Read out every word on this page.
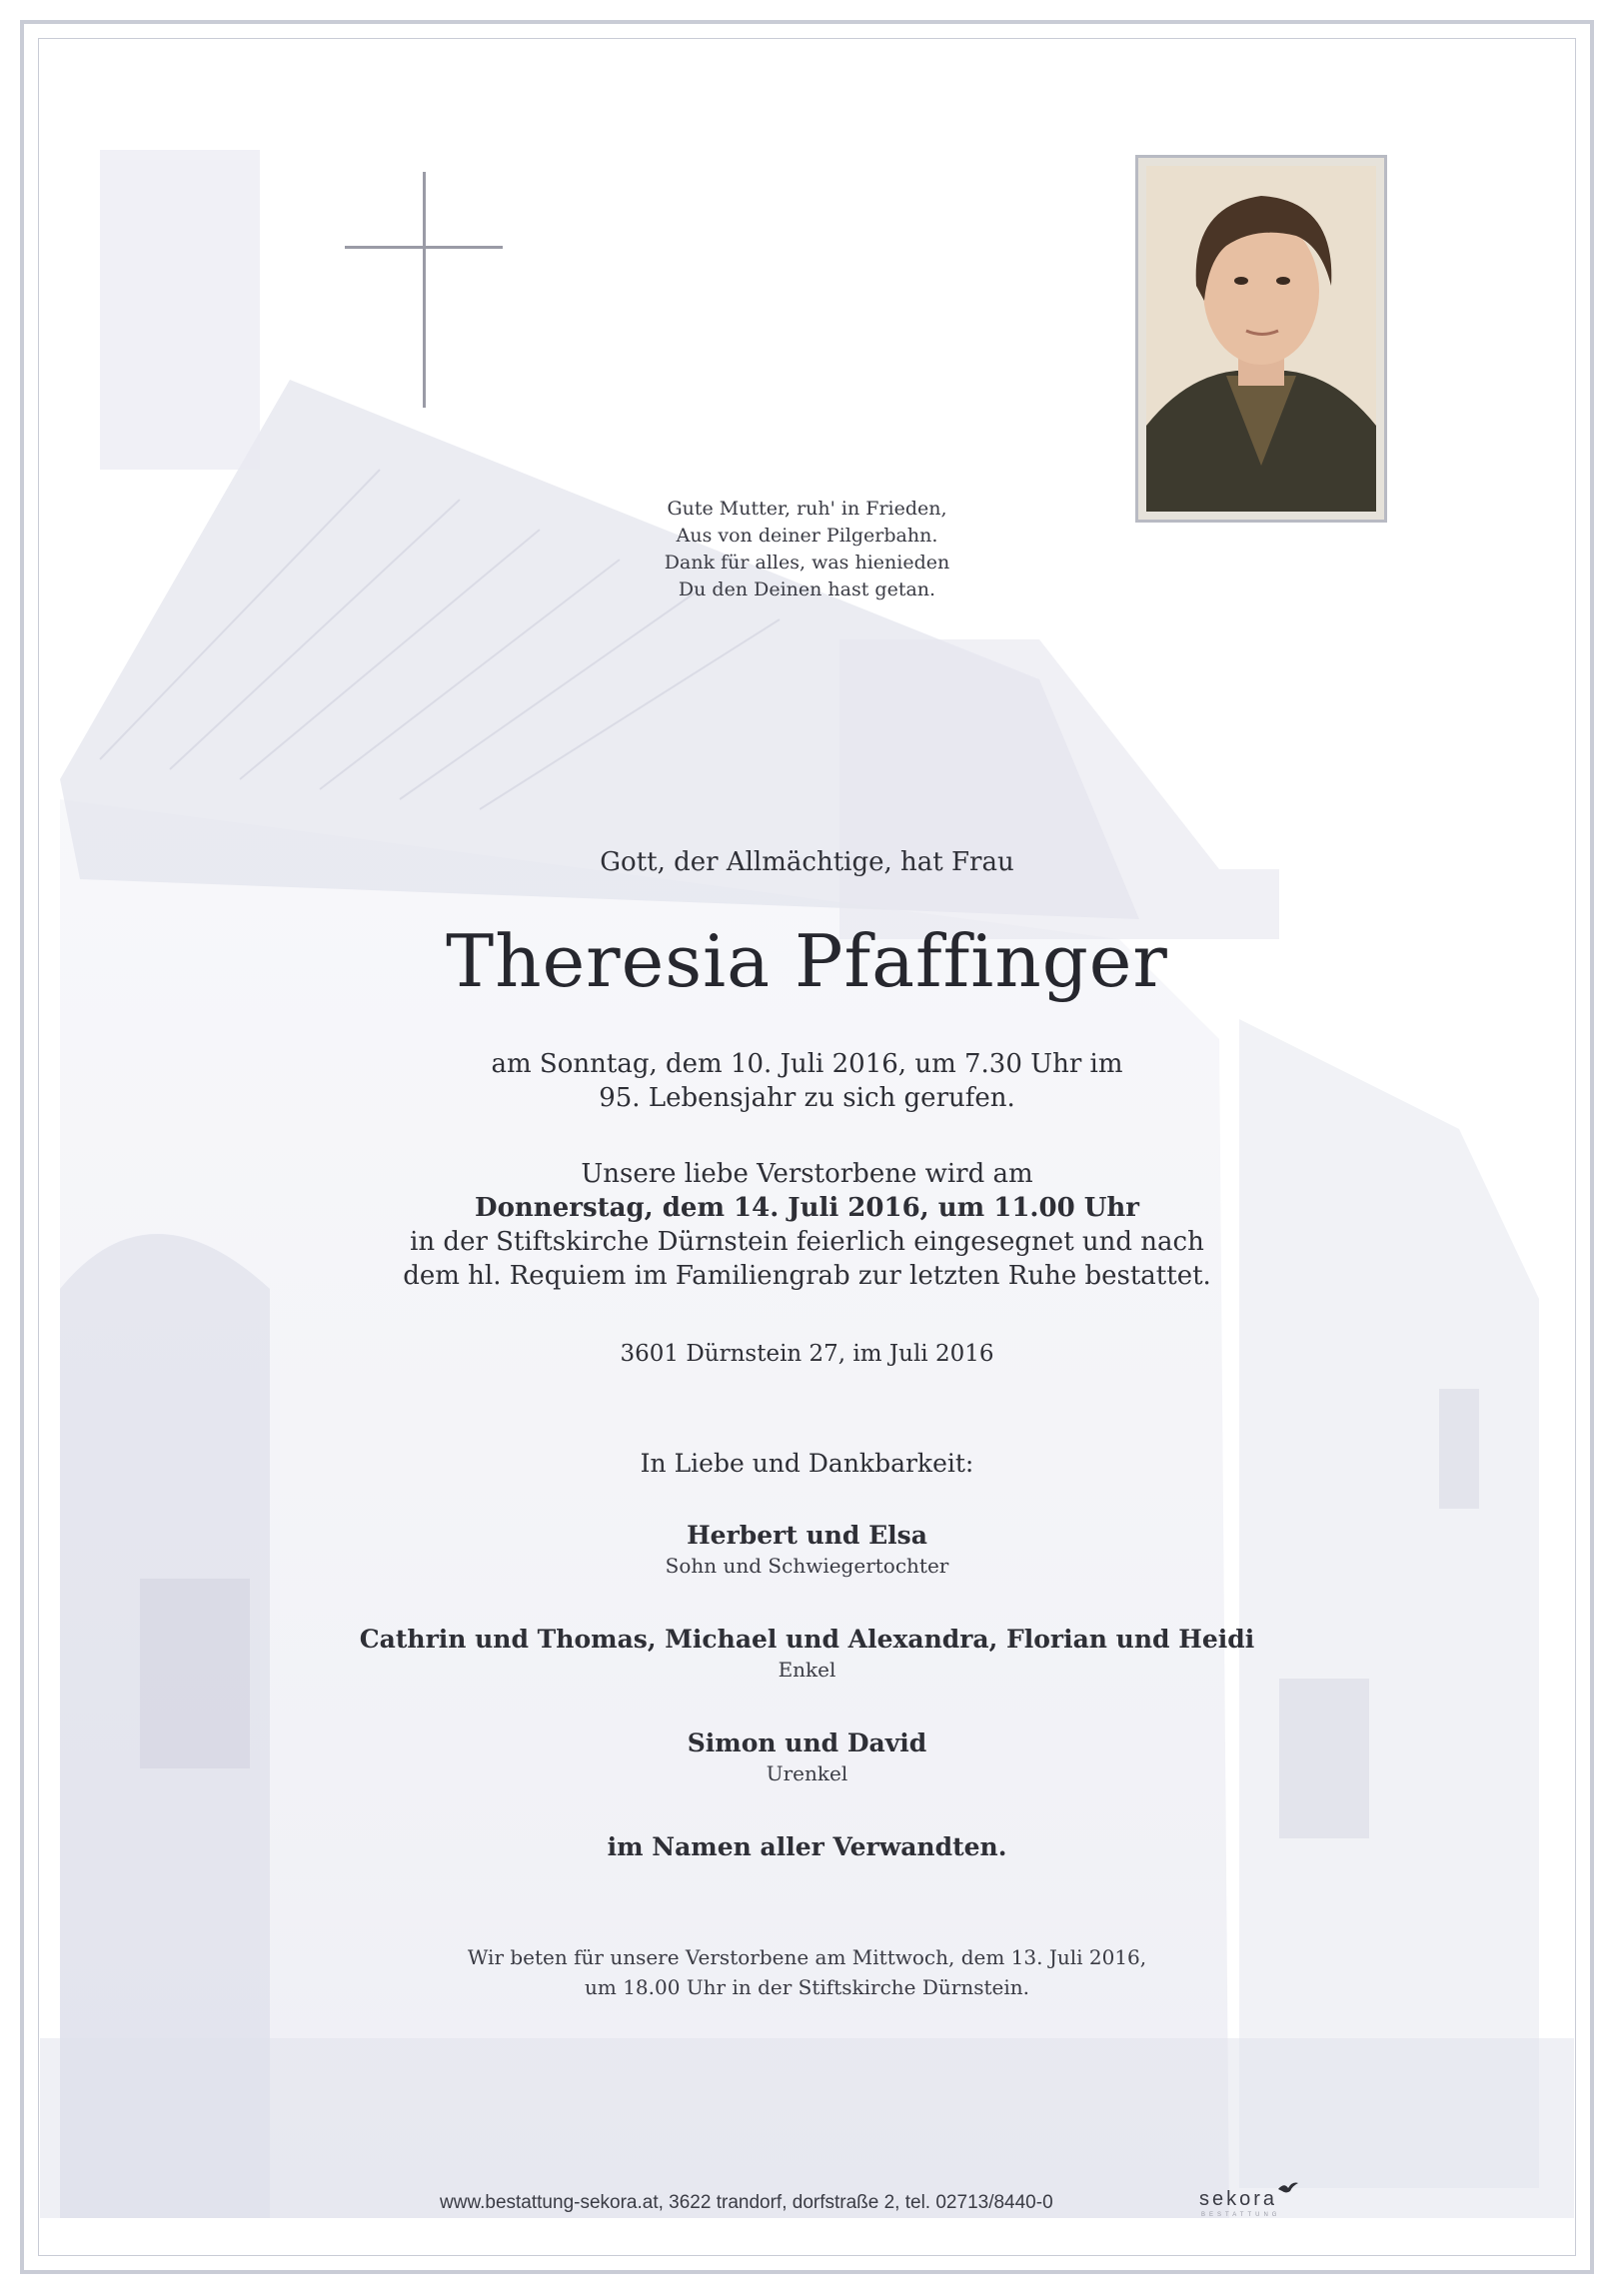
Gute Mutter, ruh' in Frieden,
Aus von deiner Pilgerbahn.
Dank für alles, was hienieden
Du den Deinen hast getan.
Gott, der Allmächtige, hat Frau
Theresia Pfaffinger
am Sonntag, dem 10. Juli 2016, um 7.30 Uhr im
95. Lebensjahr zu sich gerufen.
Unsere liebe Verstorbene wird am
Donnerstag, dem 14. Juli 2016, um 11.00 Uhr
in der Stiftskirche Dürnstein feierlich eingesegnet und nach
dem hl. Requiem im Familiengrab zur letzten Ruhe bestattet.
3601 Dürnstein 27, im Juli 2016
In Liebe und Dankbarkeit:
Herbert und Elsa
Sohn und Schwiegertochter
Cathrin und Thomas, Michael und Alexandra, Florian und Heidi
Enkel
Simon und David
Urenkel
im Namen aller Verwandten.
Wir beten für unsere Verstorbene am Mittwoch, dem 13. Juli 2016,
um 18.00 Uhr in der Stiftskirche Dürnstein.
www.bestattung-sekora.at, 3622 trandorf, dorfstraße 2, tel. 02713/8440-0	sekora
BESTATTUNG
